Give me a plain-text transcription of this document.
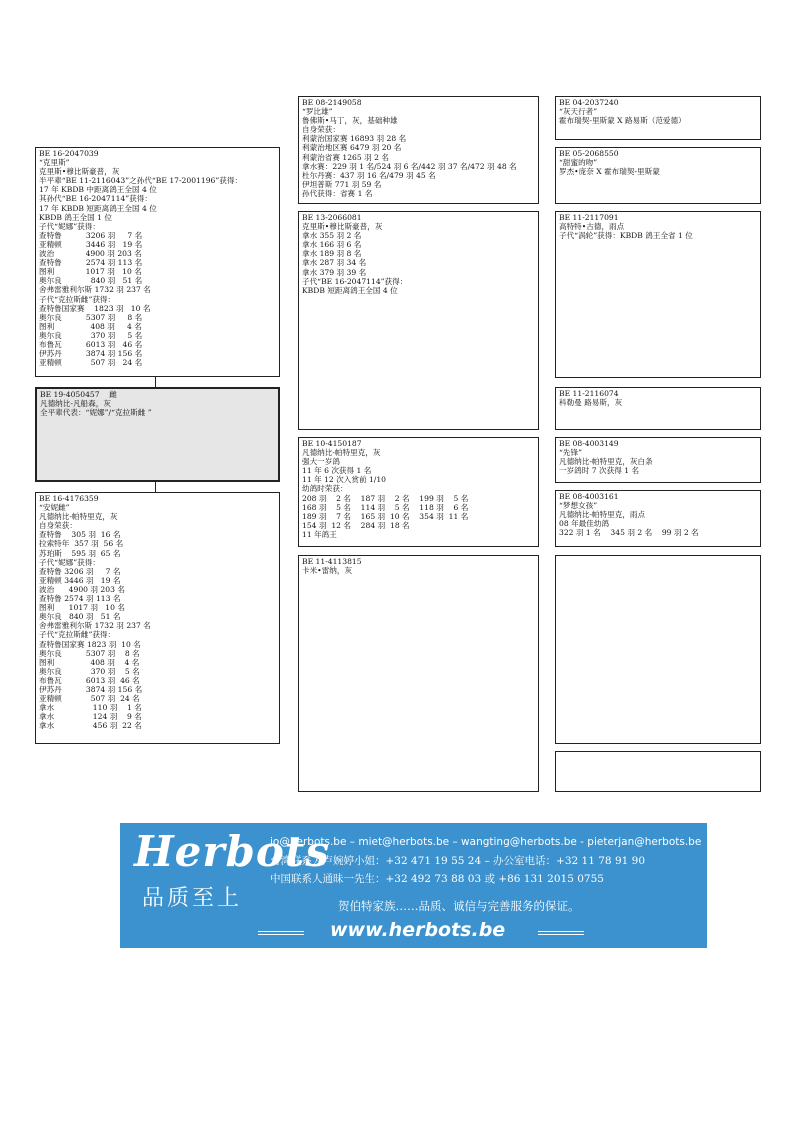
BE 16-2047039
“克里斯”
克里斯•穆比斯豪普，灰
半平辈“BE 11-2116043”之孙代“BE 17-2001196”获得：
17 年 KBDB 中距离鸽王全国 4 位
其孙代“BE 16-2047114”获得：
17 年 KBDB 短距离鸽王全国 4 位
KBDB 鸽王全国 1 位
子代“妮娜”获得：
查特鲁          3206 羽     7 名
亚精顿          3446 羽   19 名
波治             4900 羽 203 名
查特鲁          2574 羽 113 名
图利             1017 羽   10 名
奥尔良            840 羽   51 名
舍弗雷雅利尔斯 1732 羽 237 名
子代“克拉斯雌”获得：
查特鲁国家赛    1823 羽   10 名
奥尔良          5307 羽     8 名
图利               408 羽     4 名
奥尔良            370 羽     5 名
布鲁瓦          6013 羽   46 名
伊苏丹          3874 羽 156 名
亚精顿            507 羽   24 名
BE 19-4050457    雌
凡德纳比-凡船森，灰
全平辈代表：“妮娜”/“克拉斯雌 ”
BE 16-4176359
“安妮雌”
凡德纳比-帕特里克，灰
自身荣获：
查特鲁    305 羽  16 名
拉索特年  357 羽  56 名
苏珀斯    595 羽  65 名
子代“妮娜”获得：
查特鲁 3206 羽     7 名
亚精顿 3446 羽   19 名
波治      4900 羽 203 名
查特鲁 2574 羽 113 名
图利      1017 羽   10 名
奥尔良   840 羽   51 名
舍弗雷雅利尔斯 1732 羽 237 名
子代“克拉斯雌”获得：
查特鲁国家赛 1823 羽  10 名
奥尔良          5307 羽    8 名
图利               408 羽    4 名
奥尔良            370 羽    5 名
布鲁瓦          6013 羽  46 名
伊苏丹          3874 羽 156 名
亚精顿            507 羽  24 名
拿水                110 羽    1 名
拿水                124 羽    9 名
拿水                456 羽  22 名
BE 08-2149058
“罗比雄”
鲁佛斯•马丁，灰，基础种雄
自身荣获：
利蒙治国家赛 16893 羽 28 名
利蒙治地区赛 6479 羽 20 名
利蒙治省赛 1265 羽 2 名
拿水赛：229 羽 1 名/524 羽 6 名/442 羽 37 名/472 羽 48 名
杜尔丹赛：437 羽 16 名/479 羽 45 名
伊坦普斯 771 羽 59 名
孙代获得：省赛 1 名
BE 13-2066081
克里斯•穆比斯豪普，灰
拿水 355 羽 2 名
拿水 166 羽 6 名
拿水 189 羽 8 名
拿水 287 羽 34 名
拿水 379 羽 39 名
子代“BE 16-2047114”获得：
KBDB 短距离鸽王全国 4 位
BE 10-4150187
凡德纳比-帕特里克，灰
强大一岁鸽
11 年 6 次获得 1 名
11 年 12 次入赏前 1/10
幼鸽时荣获：
208 羽    2 名    187 羽    2 名    199 羽    5 名
168 羽    5 名    114 羽    5 名    118 羽    6 名
189 羽    7 名    165 羽  10 名    354 羽  11 名
154 羽  12 名    284 羽  18 名
11 年鸽王
BE 11-4113815
卡米•雷纳，灰
BE 04-2037240
“灰天行者”
霍布瑞契-里斯蒙 X 路易斯（范爱德）
BE 05-2068550
“甜蜜的吻”
罗杰•庞奈 X 霍布瑞契-里斯蒙
BE 11-2117091
高特特•古德，雨点
子代“涡轮”获得：KBDB 鸽王全省 1 位
BE 11-2116074
科勒曼 路易斯，灰
BE 08-4003149
“先锋”
凡德纳比-帕特里克，灰白条
一岁鸽时 7 次获得 1 名
BE 08-4003161
“梦想女孩”
凡德纳比-帕特里克，雨点
08 年最佳幼鸽
322 羽 1 名    345 羽 2 名    99 羽 2 名
Herbots
品质至上
jo@herbots.be – miet@herbots.be – wangting@herbots.be - pieterjan@herbots.be
台湾联系人卢婉婷小姐：+32 471 19 55 24 – 办公室电话：+32 11 78 91 90
中国联系人通昧一先生：+32 492 73 88 03 或 +86 131 2015 0755
贺伯特家族……品质、诚信与完善服务的保证。
www.herbots.be
